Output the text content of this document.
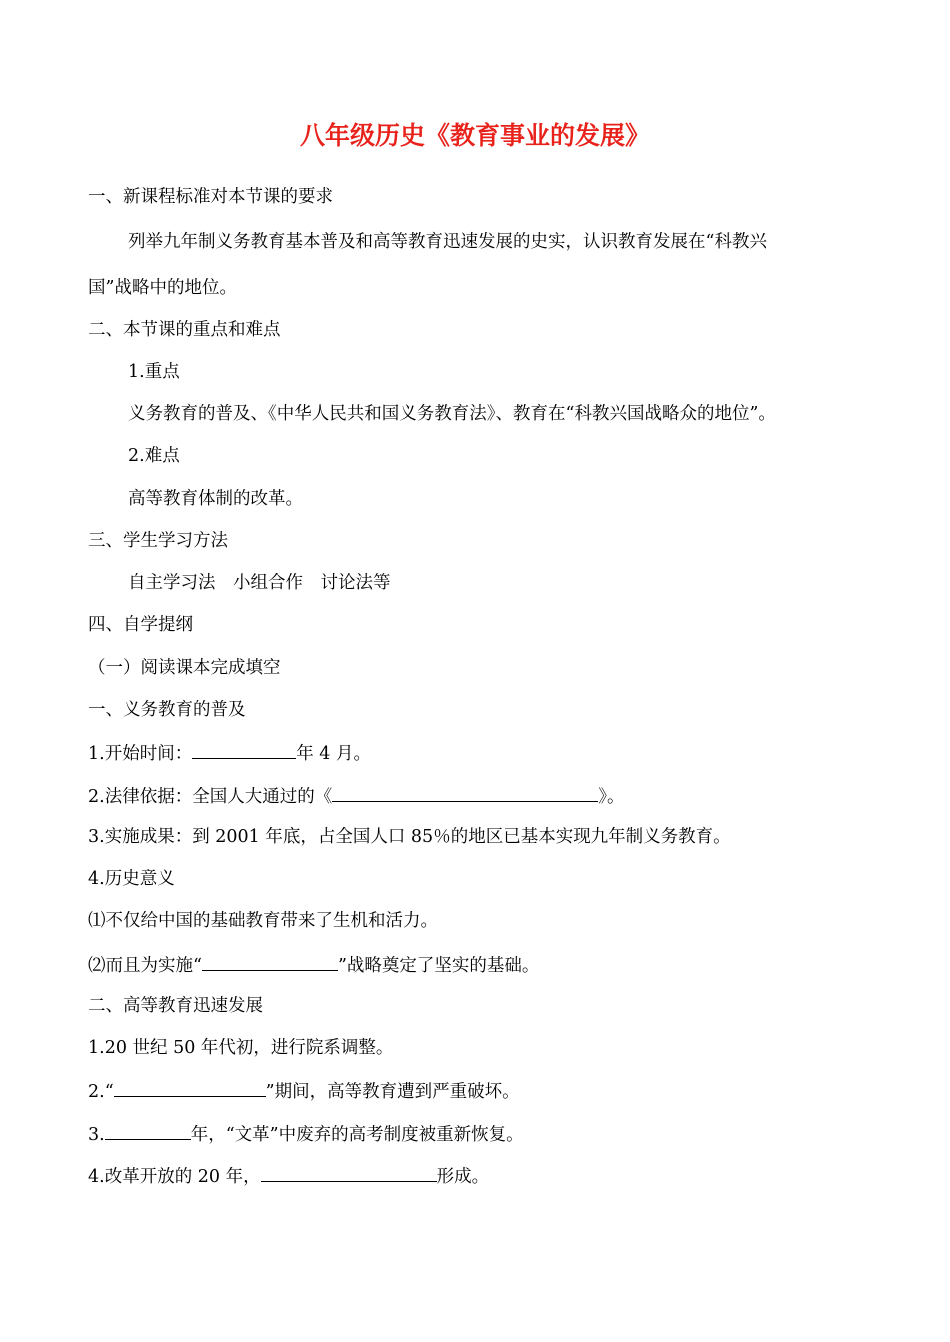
八年级历史《教育事业的发展》
一、新课程标准对本节课的要求
列举九年制义务教育基本普及和高等教育迅速发展的史实，认识教育发展在“科教兴
国”战略中的地位。
二、本节课的重点和难点
1.重点
义务教育的普及、《中华人民共和国义务教育法》、教育在“科教兴国战略众的地位”。
2.难点
高等教育体制的改革。
三、学生学习方法
自主学习法　小组合作　讨论法等
四、自学提纲
（一）阅读课本完成填空
一、义务教育的普及
1.开始时间：	年 4 月。
2.法律依据：全国人大通过的《	》。
3.实施成果：到 2001 年底，占全国人口 85％的地区已基本实现九年制义务教育。
4.历史意义
⑴不仅给中国的基础教育带来了生机和活力。
⑵而且为实施“	”战略奠定了坚实的基础。
二、高等教育迅速发展
1.20 世纪 50 年代初，进行院系调整。
2.“	”期间，高等教育遭到严重破坏。
3.	年，“文革”中废弃的高考制度被重新恢复。
4.改革开放的 20 年，	形成。
